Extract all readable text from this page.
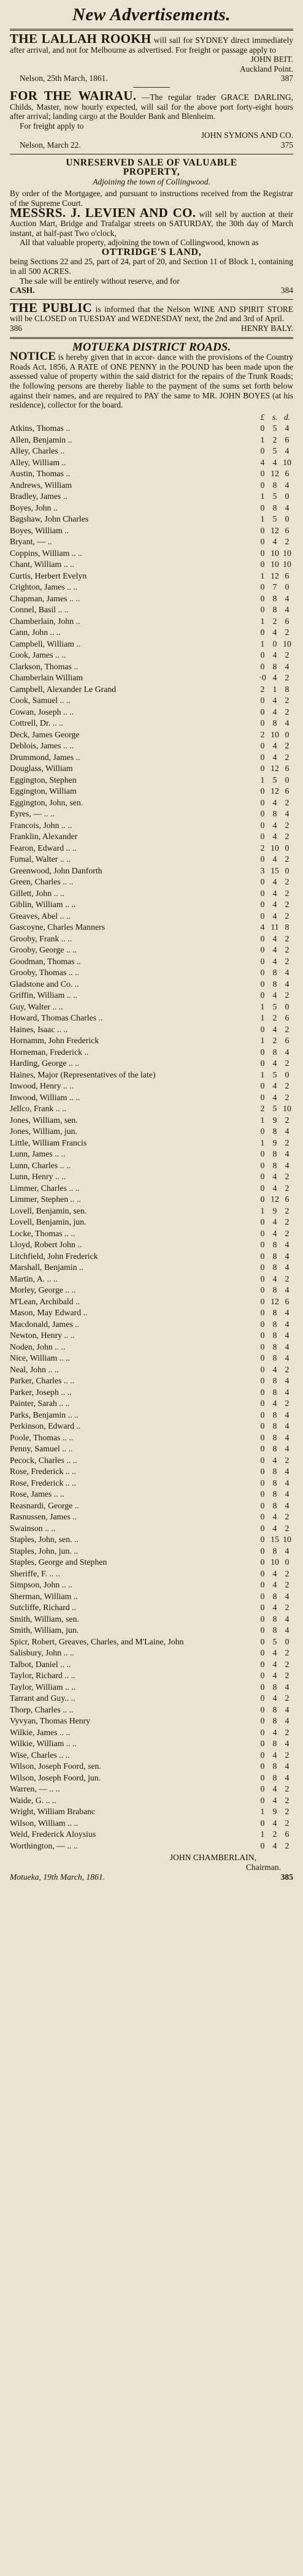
New Advertisements.

THE LALLAH ROOKH will sail for SYDNEY direct immediately after arrival, and not for Melbourne as advertised. For freight or passage apply to

JOHN BEIT.

Auckland Point.

Nelson, 25th March, 1861.	387

FOR THE WAIRAU. —The regular trader GRACE DARLING, Childs, Master, now hourly expected, will sail for the above port forty-eight hours after arrival; landing cargo at the Boulder Bank and Blenheim.

For freight apply to

JOHN SYMONS AND CO.

Nelson, March 22.	375

UNRESERVED SALE OF VALUABLE

PROPERTY,

Adjoining the town of Collingwood.

By order of the Mortgagee, and pursuant to instructions received from the Registrar of the Supreme Court.

MESSRS. J. LEVIEN AND CO. will sell by auction at their Auction Mart, Bridge and Trafalgar streets on SATURDAY, the 30th day of March instant, at half-past Two o'clock,

All that valuable property, adjoining the town of Collingwood, known as

OTTRIDGE'S LAND,

being Sections 22 and 25, part of 24, part of 20, and Section 11 of Block 1, containing in all 500 ACRES.

The sale will be entirely without reserve, and for

CASH.	384

THE PUBLIC is informed that the Nelson WINE AND SPIRIT STORE will be CLOSED on TUESDAY and WEDNESDAY next, the 2nd and 3rd of April.

386	HENRY BALY.

MOTUEKA DISTRICT ROADS.

NOTICE is hereby given that in accor- dance with the provisions of the Country Roads Act, 1856, A RATE of ONE PENNY in the POUND has been made upon the assessed value of property within the said district for the repairs of the Trunk Roads; the following persons are thereby liable to the payment of the sums set forth below against their names, and are required to PAY the same to MR. JOHN BOYES (at his residence), collector for the board.

£ s. d.
Atkins, Thomas ..	0 5 4
Allen, Benjamin ..	1 2 6
Alley, Charles ..	0 5 4
Alley, William ..	4 4 10
Austin, Thomas ..	0 12 6
Andrews, William	0 8 4
Bradley, James ..	1 5 0
Boyes, John ..	0 8 4
Bagshaw, John Charles	1 5 0
Boyes, William ..	0 12 6
Bryant, — ..	0 4 2
Coppins, William .. ..	0 10 10
Chant, William .. ..	0 10 10
Curtis, Herbert Evelyn	1 12 6
Crighton, James .. ..	0 7 0
Chapman, James .. ..	0 8 4
Connel, Basil .. ..	0 8 4
Chamberlain, John ..	1 2 6
Cann, John .. ..	0 4 2
Campbell, William ..	1 0 10
Cook, James .. ..	0 4 2
Clarkson, Thomas ..	0 8 4
Chamberlain William	·0 4 2
Campbell, Alexander Le Grand	2 1 8
Cook, Samuel .. ..	0 4 2
Cowan, Joseph .. ..	0 4 2
Cottrell, Dr. .. ..	0 8 4
Deck, James George	2 10 0
Deblois, James .. ..	0 4 2
Drummond, James ..	0 4 2
Douglass, William	0 12 6
Eggington, Stephen	1 5 0
Eggington, William	0 12 6
Eggington, John, sen.	0 4 2
Eyres, — .. ..	0 8 4
Francois, John .. ..	0 4 2
Franklin, Alexander	0 4 2
Fearon, Edward .. ..	2 10 0
Fumal, Walter .. ..	0 4 2
Greenwood, John Danforth	3 15 0
Green, Charles .. ..	0 4 2
Gillett, John .. ..	0 4 2
Giblin, William .. ..	0 4 2
Greaves, Abel .. ..	0 4 2
Gascoyne, Charles Manners	4 11 8
Grooby, Frank .. ..	0 4 2
Grooby, George .. ..	0 4 2
Goodman, Thomas ..	0 4 2
Grooby, Thomas .. ..	0 8 4
Gladstone and Co. ..	0 8 4
Griffin, William .. ..	0 4 2
Guy, Walter .. ..	1 5 0
Howard, Thomas Charles ..	1 2 6
Haines, Isaac .. ..	0 4 2
Hornamm, John Frederick	1 2 6
Horneman, Frederick ..	0 8 4
Harding, George .. ..	0 4 2
Haines, Major (Representatives of the late)	1 5 0
Inwood, Henry .. ..	0 4 2
Inwood, William .. ..	0 4 2
Jellco, Frank .. ..	2 5 10
Jones, William, sen.	1 9 2
Jones, William, jun.	0 8 4
Little, William Francis	1 9 2
Lunn, James .. ..	0 8 4
Lunn, Charles .. ..	0 8 4
Lunn, Henry .. ..	0 4 2
Limmer, Charles .. ..	0 4 2
Limmer, Stephen .. ..	0 12 6
Lovell, Benjamin, sen.	1 9 2
Lovell, Benjamin, jun.	0 4 2
Locke, Thomas .. ..	0 4 2
Lloyd, Robert John ..	0 8 4
Litchfield, John Frederick	0 8 4
Marshall, Benjamin ..	0 8 4
Martin, A. .. ..	0 4 2
Morley, George .. ..	0 8 4
M'Lean, Archibald ..	0 12 6
Mason, May Edward ..	0 8 4
Macdonald, James ..	0 8 4
Newton, Henry .. ..	0 8 4
Noden, John .. ..	0 8 4
Nice, William .. ..	0 8 4
Neal, John .. ..	0 4 2
Parker, Charles .. ..	0 8 4
Parker, Joseph .. ..	0 8 4
Painter, Sarah .. ..	0 4 2
Parks, Benjamin .. ..	0 8 4
Perkinson, Edward ..	0 8 4
Poole, Thomas .. ..	0 8 4
Penny, Samuel .. ..	0 8 4
Pecock, Charles .. ..	0 4 2
Rose, Frederick .. ..	0 8 4
Rose, Frederick .. ..	0 8 4
Rose, James .. ..	0 8 4
Reasnardi, George ..	0 8 4
Rasnussen, James ..	0 4 2
Swainson .. ..	0 4 2
Staples, John, sen. ..	0 15 10
Staples, John, jun. ..	0 8 4
Staples, George and Stephen	0 10 0
Sheriffe, F. .. ..	0 4 2
Simpson, John .. ..	0 4 2
Sherman, William ..	0 8 4
Sutcliffe, Richard ..	0 4 2
Smith, William, sen.	0 8 4
Smith, William, jun.	0 8 4
Spicr, Robert, Greaves, Charles, and M'Laine, John	0 5 0
Salisbury, John .. ..	0 4 2
Talbot, Daniel .. ..	0 4 2
Taylor, Richard .. ..	0 4 2
Taylor, William .. ..	0 8 4
Tarrant and Guy.. ..	0 4 2
Thorp, Charles .. ..	0 8 4
Vyvyan, Thomas Henry	0 8 4
Wilkie, James .. ..	0 4 2
Wilkie, William .. ..	0 8 4
Wise, Charles .. ..	0 4 2
Wilson, Joseph Foord, sen.	0 8 4
Wilson, Joseph Foord, jun.	0 8 4
Warren, — .. ..	0 4 2
Waide, G. .. ..	0 4 2
Wright, William Brabanc	1 9 2
Wilson, William .. ..	0 4 2
Weld, Frederick Aloysius	1 2 6
Worthington, — .. ..	0 4 2

JOHN CHAMBERLAIN,

Chairman.

Motueka, 19th March, 1861.	385
